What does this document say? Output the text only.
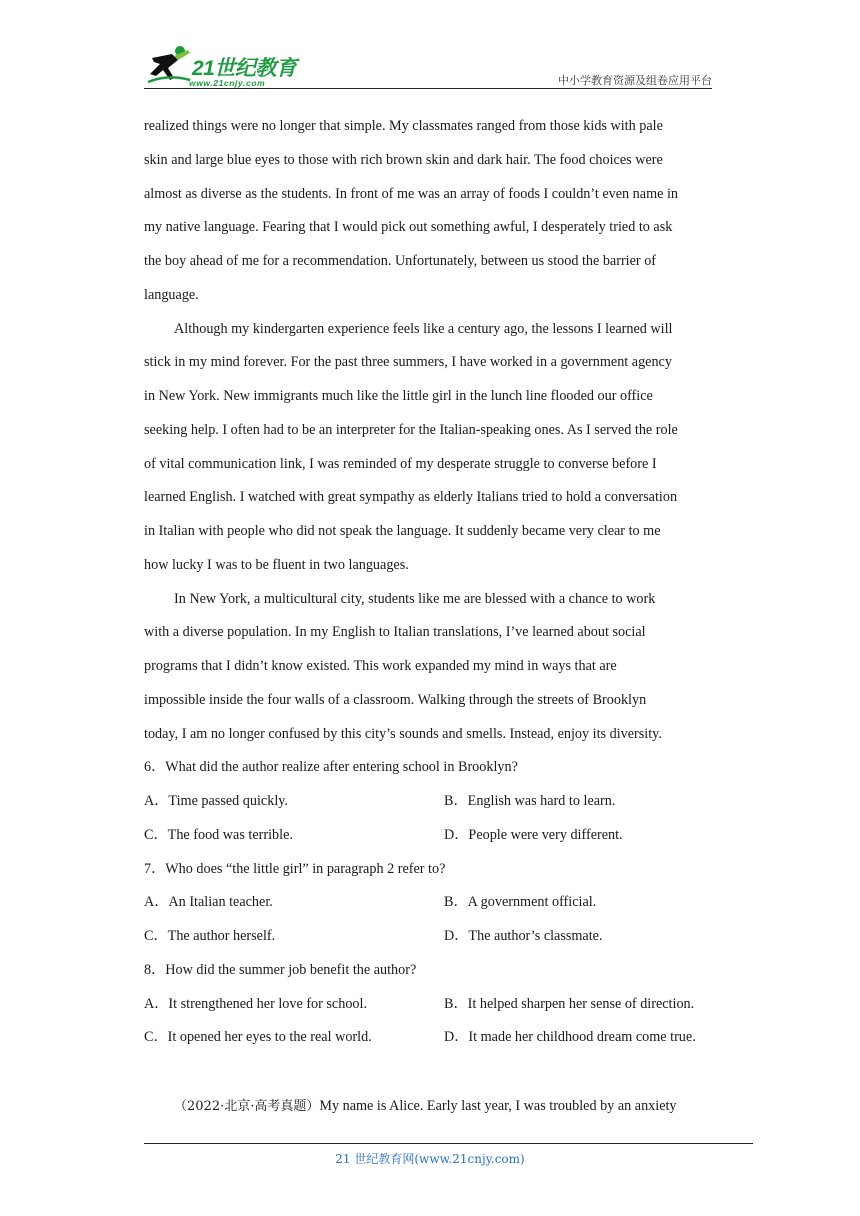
21世纪教育
www.21cnjy.com	中小学教育资源及组卷应用平台
realized things were no longer that simple. My classmates ranged from those kids with pale
skin and large blue eyes to those with rich brown skin and dark hair. The food choices were
almost as diverse as the students. In front of me was an array of foods I couldn’t even name in
my native language. Fearing that I would pick out something awful, I desperately tried to ask
the boy ahead of me for a recommendation. Unfortunately, between us stood the barrier of
language.
Although my kindergarten experience feels like a century ago, the lessons I learned will
stick in my mind forever. For the past three summers, I have worked in a government agency
in New York. New immigrants much like the little girl in the lunch line flooded our office
seeking help. I often had to be an interpreter for the Italian-speaking ones. As I served the role
of vital communication link, I was reminded of my desperate struggle to converse before I
learned English. I watched with great sympathy as elderly Italians tried to hold a conversation
in Italian with people who did not speak the language. It suddenly became very clear to me
how lucky I was to be fluent in two languages.
In New York, a multicultural city, students like me are blessed with a chance to work
with a diverse population. In my English to Italian translations, I’ve learned about social
programs that I didn’t know existed. This work expanded my mind in ways that are
impossible inside the four walls of a classroom. Walking through the streets of Brooklyn
today, I am no longer confused by this city’s sounds and smells. Instead, enjoy its diversity.
6．What did the author realize after entering school in Brooklyn?
A．Time passed quickly.	B．English was hard to learn.
C．The food was terrible.	D．People were very different.
7．Who does “the little girl” in paragraph 2 refer to?
A．An Italian teacher.	B．A government official.
C．The author herself.	D．The author’s classmate.
8．How did the summer job benefit the author?
A．It strengthened her love for school.	B．It helped sharpen her sense of direction.
C．It opened her eyes to the real world.	D．It made her childhood dream come true.
（2022·北京·高考真题）My name is Alice. Early last year, I was troubled by an anxiety
21 世纪教育网(www.21cnjy.com)
